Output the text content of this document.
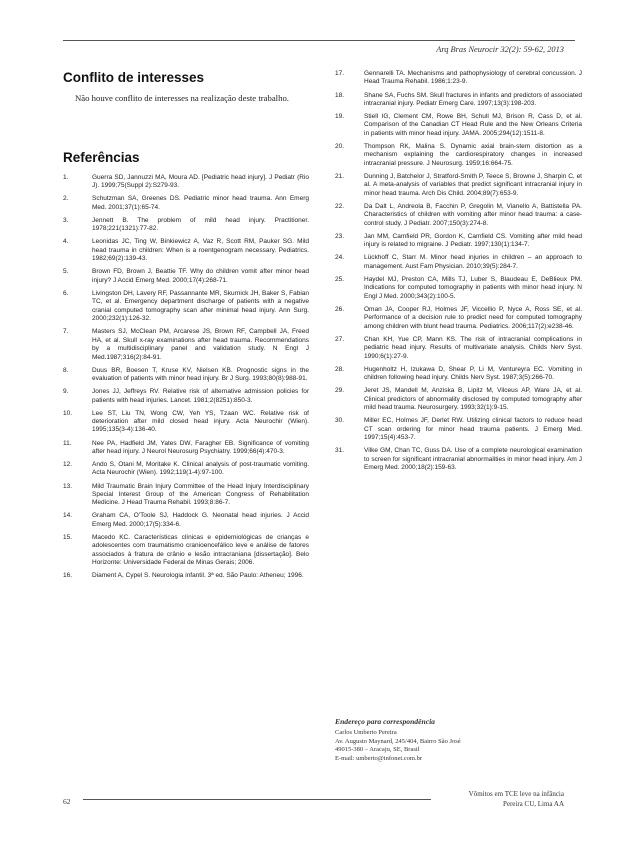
Arq Bras Neurocir 32(2): 59-62, 2013
Conflito de interesses

Não houve conflito de interesses na realização deste trabalho.

Referências
1.	Guerra SD, Jannuzzi MA, Moura AD. [Pediatric head injury]. J Pediatr (Rio J). 1999;75(Suppl 2):S279-93.
2.	Schutzman SA, Greenes DS. Pediatric minor head trauma. Ann Emerg Med. 2001;37(1):65-74.
3.	Jennett B. The problem of mild head injury. Practitioner. 1978;221(1321):77-82.
4.	Leonidas JC, Ting W, Binkiewicz A, Vaz R, Scott RM, Pauker SG. Mild head trauma in children: When is a roentgenogram necessary. Pediatrics. 1982;69(2):139-43.
5.	Brown FD, Brown J, Beattie TF. Why do children vomit after minor head injury? J Accid Emerg Med. 2000;17(4):268-71.
6.	Livingston DH, Lavery RF, Passannante MR, Skurnick JH, Baker S, Fabian TC, et al. Emergency department discharge of patients with a negative cranial computed tomography scan after minimal head injury. Ann Surg. 2000;232(1):126-32.
7.	Masters SJ, McClean PM, Arcarese JS, Brown RF, Campbell JA, Freed HA, et al. Skull x-ray examinations after head trauma. Recommendations by a multidisciplinary panel and validation study. N Engl J Med.1987;316(2):84-91.
8.	Duus BR, Boesen T, Kruse KV, Nielsen KB. Prognostic signs in the evaluation of patients with minor head injury. Br J Surg. 1993;80(8):988-91.
9.	Jones JJ, Jeffreys RV. Relative risk of alternative admission policies for patients with head injuries. Lancet. 1981;2(8251):850-3.
10.	Lee ST, Liu TN, Wong CW, Yeh YS, Tzaan WC. Relative risk of deterioration after mild closed head injury. Acta Neurochir (Wien). 1995;135(3-4):136-40.
11.	Nee PA, Hadfield JM, Yates DW, Faragher EB. Significance of vomiting after head injury. J Neurol Neurosurg Psychiatry. 1999;66(4):470-3.
12.	Ando S, Otani M, Moritake K. Clinical analysis of post-traumatic vomiting. Acta Neurochir (Wien). 1992;119(1-4):97-100.
13.	Mild Traumatic Brain Injury Committee of the Head Injury Interdisciplinary Special Interest Group of the American Congress of Rehabilitation Medicine. J Head Trauma Rehabil. 1993;8:86-7.
14.	Graham CA, O'Toole SJ, Haddock G. Neonatal head injuries. J Accid Emerg Med. 2000;17(5):334-6.
15.	Macedo KC. Características clínicas e epidemiológicas de crianças e adolescentes com traumatismo cranioencefálico leve e análise de fatores associados à fratura de crânio e lesão intracraniana [dissertação]. Belo Horizonte: Universidade Federal de Minas Gerais; 2006.
16.	Diament A, Cypel S. Neurologia infantil. 3ª ed. São Paulo: Atheneu; 1996.
17.	Gennarelli TA. Mechanisms and pathophysiology of cerebral concussion. J Head Trauma Rehabil. 1986;1:23-9.
18.	Shane SA, Fuchs SM. Skull fractures in infants and predictors of associated intracranial injury. Pediatr Emerg Care. 1997;13(3):198-203.
19.	Stiell IG, Clement CM, Rowe BH, Schull MJ, Brison R, Cass D, et al. Comparison of the Canadian CT Head Rule and the New Orleans Criteria in patients with minor head injury. JAMA. 2005;294(12):1511-8.
20.	Thompson RK, Malina S. Dynamic axial brain-stem distortion as a mechanism explaining the cardiorespiratory changes in increased intracranial pressure. J Neurosurg. 1959;16:664-75.
21.	Dunning J, Batchelor J, Stratford-Smith P, Teece S, Browne J, Sharpin C, et al. A meta-analysis of variables that predict significant intracranial injury in minor head trauma. Arch Dis Child. 2004;89(7):653-9.
22.	Da Dalt L, Andreola B, Facchin P, Gregolin M, Vianello A, Battistella PA. Characteristics of children with vomiting after minor head trauma: a case-control study. J Pediatr. 2007;150(3):274-8.
23.	Jan MM, Camfield PR, Gordon K, Camfield CS. Vomiting after mild head injury is related to migraine. J Pediatr. 1997;130(1):134-7.
24.	Lückhoff C, Starr M. Minor head injuries in children – an approach to management. Aust Fam Physician. 2010;39(5):284-7.
25.	Haydel MJ, Preston CA, Mills TJ, Luber S, Blaudeau E, DeBlieux PM. Indications for computed tomography in patients with minor head injury. N Engl J Med. 2000;343(2):100-5.
26.	Oman JA, Cooper RJ, Holmes JF, Viccellio P, Nyce A, Ross SE, et al. Performance of a decision rule to predict need for computed tomography among children with blunt head trauma. Pediatrics. 2006;117(2):e238-46.
27.	Chan KH, Yue CP, Mann KS. The risk of intracranial complications in pediatric head injury. Results of multivariate analysis. Childs Nerv Syst. 1990;6(1):27-9.
28.	Hugenholtz H, Izukawa D, Shear P, Li M, Ventureyra EC. Vomiting in children following head injury. Childs Nerv Syst. 1987;3(5):266-70.
29.	Jeret JS, Mandell M, Anziska B, Lipitz M, Vilceus AP, Ware JA, et al. Clinical predictors of abnormality disclosed by computed tomography after mild head trauma. Neurosurgery. 1993;32(1):9-15.
30.	Miller EC, Holmes JF, Derlet RW. Utilizing clinical factors to reduce head CT scan ordering for minor head trauma patients. J Emerg Med. 1997;15(4):453-7.
31.	Vilke GM, Chan TC, Guss DA. Use of a complete neurological examination to screen for significant intracranial abnormalities in minor head injury. Am J Emerg Med. 2000;18(2):159-63.
Endereço para correspondência
Carlos Umberto Pereira
Av. Augusto Maynard, 245/404, Bairro São José
49015-380 – Aracaju, SE, Brasil
E-mail: umberto@infonet.com.br
62
Vômitos em TCE leve na infância
Pereira CU, Lima AA
